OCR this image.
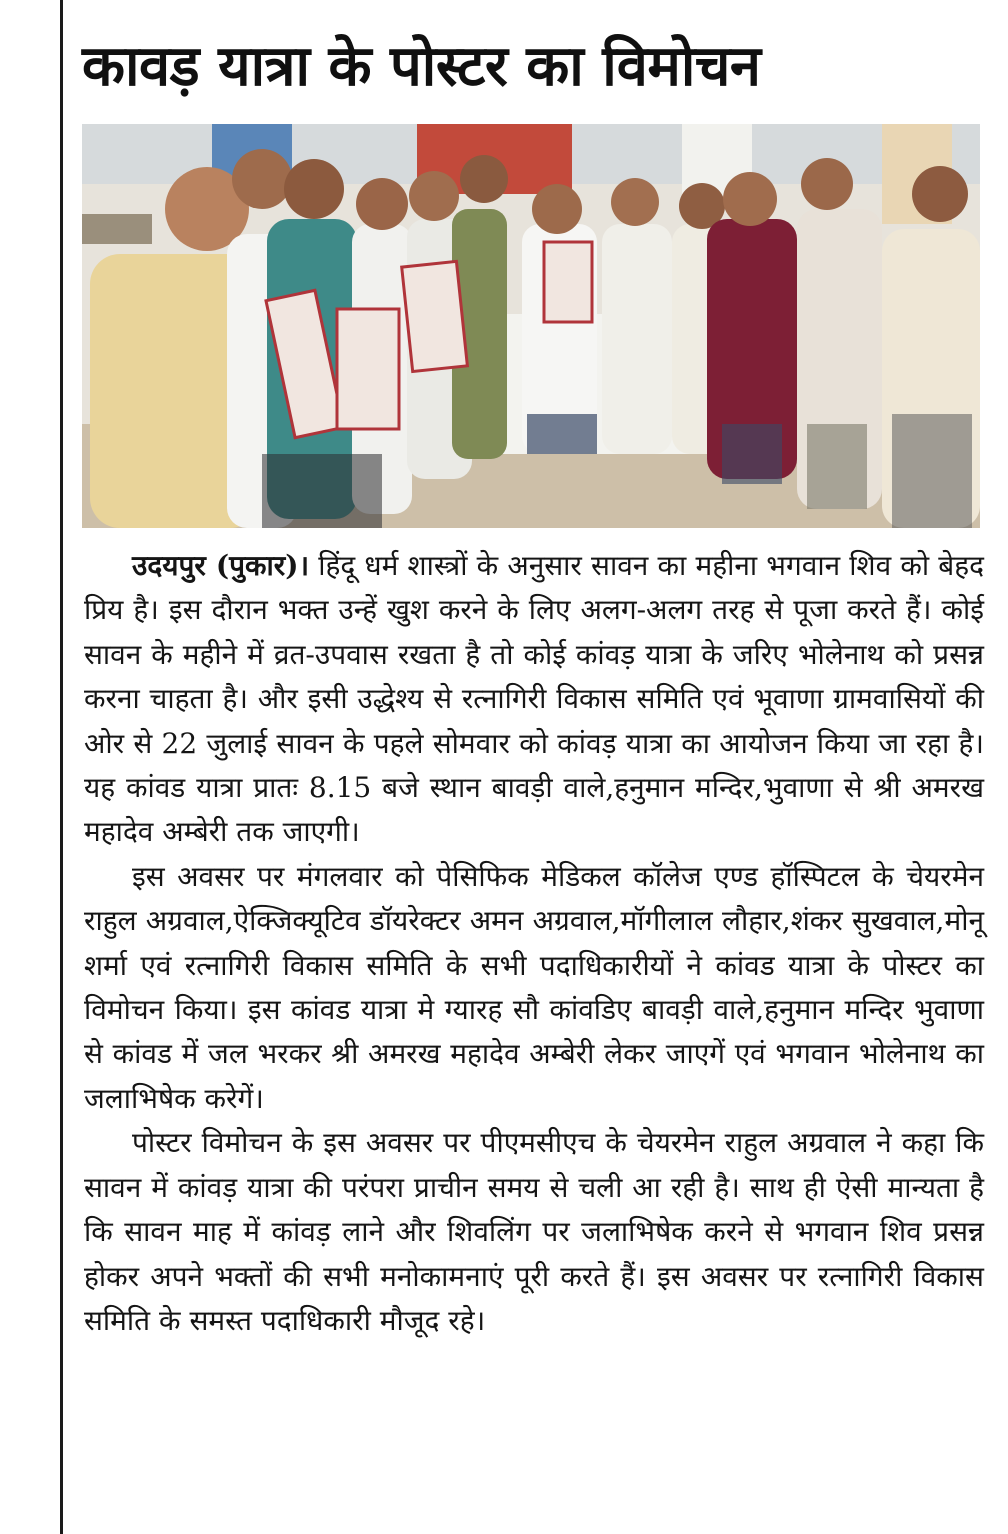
कावड़ यात्रा के पोस्टर का विमोचन

उदयपुर (पुकार)। हिंदू धर्म शास्त्रों के अनुसार सावन का महीना भगवान शिव को बेहद प्रिय है। इस दौरान भक्त उन्हें खुश करने के लिए अलग-अलग तरह से पूजा करते हैं। कोई सावन के महीने में व्रत-उपवास रखता है तो कोई कांवड़ यात्रा के जरिए भोलेनाथ को प्रसन्न करना चाहता है। और इसी उद्धेश्य से रत्नागिरी विकास समिति एवं भूवाणा ग्रामवासियों की ओर से 22 जुलाई सावन के पहले सोमवार को कांवड़ यात्रा का आयोजन किया जा रहा है। यह कांवड यात्रा प्रातः 8.15 बजे स्थान बावड़ी वाले,हनुमान मन्दिर,भुवाणा से श्री अमरख महादेव अम्बेरी तक जाएगी।

इस अवसर पर मंगलवार को पेसिफिक मेडिकल कॉलेज एण्ड हॉस्पिटल के चेयरमेन राहुल अग्रवाल,ऐक्जिक्यूटिव डॉयरेक्टर अमन अग्रवाल,मॉगीलाल लौहार,शंकर सुखवाल,मोनू शर्मा एवं रत्नागिरी विकास समिति के सभी पदाधिकारीयों ने कांवड यात्रा के पोस्टर का विमोचन किया। इस कांवड यात्रा मे ग्यारह सौ कांवडिए बावड़ी वाले,हनुमान मन्दिर भुवाणा से कांवड में जल भरकर श्री अमरख महादेव अम्बेरी लेकर जाएगें एवं भगवान भोलेनाथ का जलाभिषेक करेगें।

पोस्टर विमोचन के इस अवसर पर पीएमसीएच के चेयरमेन राहुल अग्रवाल ने कहा कि सावन में कांवड़ यात्रा की परंपरा प्राचीन समय से चली आ रही है। साथ ही ऐसी मान्यता है कि सावन माह में कांवड़ लाने और शिवलिंग पर जलाभिषेक करने से भगवान शिव प्रसन्न होकर अपने भक्तों की सभी मनोकामनाएं पूरी करते हैं। इस अवसर पर रत्नागिरी विकास समिति के समस्त पदाधिकारी मौजूद रहे।
